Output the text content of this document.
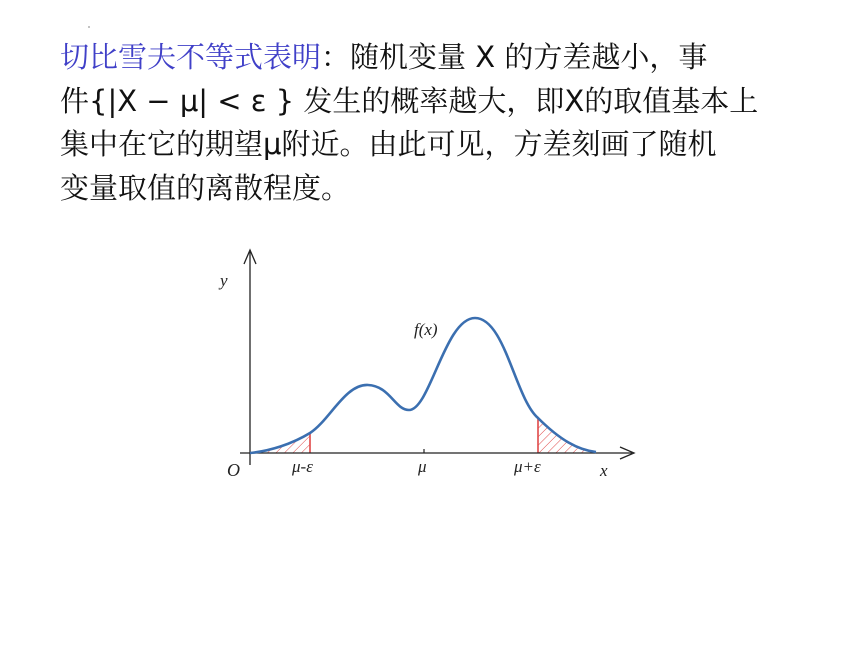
切比雪夫不等式表明：随机变量 X 的方差越小，事
件{|X − μ| < ε } 发生的概率越大，即X的取值基本上
集中在它的期望μ附近。由此可见，方差刻画了随机
变量取值的离散程度。
y
x
O
f(x)
μ-ε	μ	μ+ε
